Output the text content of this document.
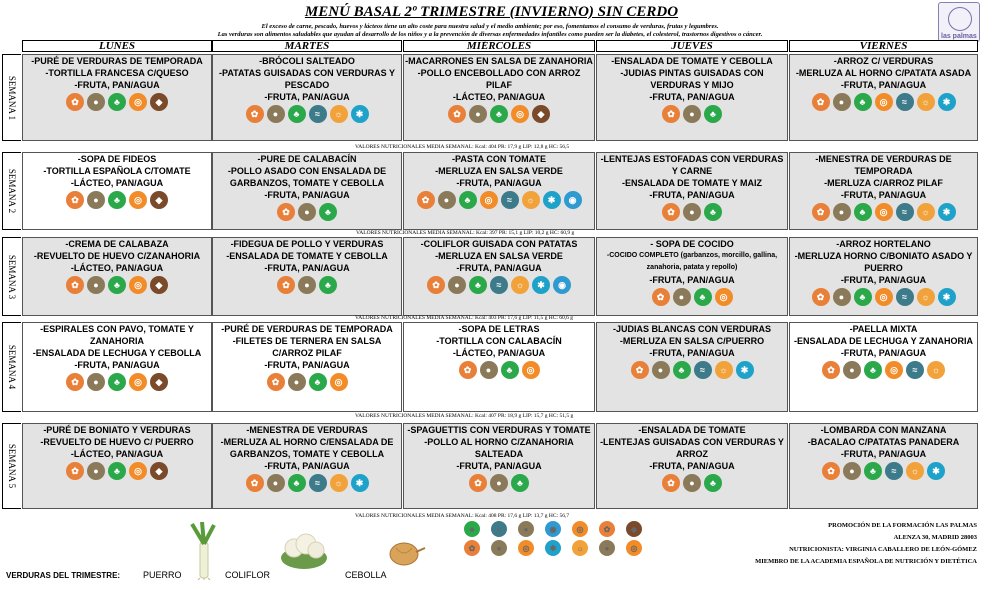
MENÚ BASAL 2º TRIMESTRE (INVIERNO) SIN CERDO
El exceso de carne, pescado, huevos y lácteos tiene un alto coste para nuestra salud y el medio ambiente; por eso, fomentamos el consumo de verduras, frutas y legumbres.
Las verduras son alimentos saludables que ayudan al desarrollo de los niños y a la prevención de diversas enfermedades infantiles como pueden ser la diabetes, el colesterol, trastornos digestivos o cáncer.	las palmas
LUNES	MARTES	MIÉRCOLES	JUEVES	VIERNES
SEMANA 1
-PURÉ DE VERDURAS DE TEMPORADA
-TORTILLA FRANCESA C/QUESO
-FRUTA, PAN/AGUA
✿	●	♣	◎	◆
-BRÓCOLI SALTEADO
-PATATAS GUISADAS CON VERDURAS Y PESCADO
-FRUTA, PAN/AGUA
✿	●	♣	≈	☼	✱
-MACARRONES EN SALSA DE ZANAHORIA
-POLLO ENCEBOLLADO CON ARROZ PILAF
-LÁCTEO, PAN/AGUA
✿	●	♣	◎	◆
-ENSALADA DE TOMATE Y CEBOLLA
-JUDIAS PINTAS GUISADAS CON VERDURAS Y MIJO
-FRUTA, PAN/AGUA
✿	●	♣
-ARROZ C/ VERDURAS
-MERLUZA AL HORNO C/PATATA ASADA
-FRUTA, PAN/AGUA
✿	●	♣	◎	≈	☼	✱
VALORES NUTRICIONALES MEDIA SEMANAL: Kcal: 404 PR: 17,9 g LIP: 12,8 g HC: 56,5
SEMANA 2
-SOPA DE FIDEOS
-TORTILLA ESPAÑOLA C/TOMATE
-LÁCTEO, PAN/AGUA
✿	●	♣	◎	◆
-PURE DE CALABACÍN
-POLLO ASADO CON ENSALADA DE GARBANZOS, TOMATE Y CEBOLLA
-FRUTA, PAN/AGUA
✿	●	♣
-PASTA CON TOMATE
-MERLUZA EN SALSA VERDE
-FRUTA, PAN/AGUA
✿	●	♣	◎	≈	☼	✱	◉
-LENTEJAS ESTOFADAS CON VERDURAS Y CARNE
-ENSALADA DE TOMATE Y MAIZ
-FRUTA, PAN/AGUA
✿	●	♣
-MENESTRA DE VERDURAS DE TEMPORADA
-MERLUZA C/ARROZ PILAF
-FRUTA, PAN/AGUA
✿	●	♣	◎	≈	☼	✱
VALORES NUTRICIONALES MEDIA SEMANAL: Kcal: 397 PR: 15,1 g LIP: 10,2 g HC: 60,9 g
SEMANA 3
-CREMA DE CALABAZA
-REVUELTO DE HUEVO C/ZANAHORIA
-LÁCTEO, PAN/AGUA
✿	●	♣	◎	◆
-FIDEGUA DE POLLO Y VERDURAS
-ENSALADA DE TOMATE Y CEBOLLA
-FRUTA, PAN/AGUA
✿	●	♣
-COLIFLOR GUISADA CON PATATAS
-MERLUZA EN SALSA VERDE
-FRUTA, PAN/AGUA
✿	●	♣	≈	☼	✱	◉
- SOPA DE COCIDO
-COCIDO COMPLETO (garbanzos, morcillo, gallina, zanahoria, patata y repollo)
-FRUTA, PAN/AGUA
✿	●	♣	◎
-ARROZ HORTELANO
-MERLUZA HORNO C/BONIATO ASADO Y PUERRO
-FRUTA, PAN/AGUA
✿	●	♣	◎	≈	☼	✱
VALORES NUTRICIONALES MEDIA SEMANAL: Kcal: 403 PR: 17,6 g LIP: 11,5 g HC: 60,6 g
SEMANA 4
-ESPIRALES CON PAVO, TOMATE Y ZANAHORIA
-ENSALADA DE LECHUGA Y CEBOLLA
-FRUTA, PAN/AGUA
✿	●	♣	◎	◆
-PURÉ DE VERDURAS DE TEMPORADA
-FILETES DE TERNERA EN SALSA C/ARROZ PILAF
-FRUTA, PAN/AGUA
✿	●	♣	◎
-SOPA DE LETRAS
-TORTILLA CON CALABACÍN
-LÁCTEO, PAN/AGUA
✿	●	♣	◎
-JUDIAS BLANCAS CON VERDURAS
-MERLUZA EN SALSA C/PUERRO
-FRUTA, PAN/AGUA
✿	●	♣	≈	☼	✱
-PAELLA MIXTA
-ENSALADA DE LECHUGA Y ZANAHORIA
-FRUTA, PAN/AGUA
✿	●	♣	◎	≈	☼
VALORES NUTRICIONALES MEDIA SEMANAL: Kcal: 407 PR: 18,9 g LIP: 15,7 g HC: 51,5 g
SEMANA 5
-PURÉ DE BONIATO Y VERDURAS
-REVUELTO DE HUEVO C/ PUERRO
-LÁCTEO, PAN/AGUA
✿	●	♣	◎	◆
-MENESTRA DE VERDURAS
-MERLUZA AL HORNO C/ENSALADA DE GARBANZOS, TOMATE Y CEBOLLA
-FRUTA, PAN/AGUA
✿	●	♣	≈	☼	✱
-SPAGUETTIS CON VERDURAS Y TOMATE
-POLLO AL HORNO C/ZANAHORIA SALTEADA
-FRUTA, PAN/AGUA
✿	●	♣
-ENSALADA DE TOMATE
-LENTEJAS GUISADAS CON VERDURAS Y ARROZ
-FRUTA, PAN/AGUA
✿	●	♣
-LOMBARDA CON MANZANA
-BACALAO C/PATATAS PANADERA
-FRUTA, PAN/AGUA
✿	●	♣	≈	☼	✱
VALORES NUTRICIONALES MEDIA SEMANAL: Kcal: 408 PR: 17,6 g LIP: 13,7 g HC: 56,7
VERDURAS DEL TRIMESTRE:	PUERRO	COLIFLOR	CEBOLLA
♣	≈	●	◉	◎	✿	◆
✿	●	◎	✱	☼	●	◎
PROMOCIÓN DE LA FORMACIÓN LAS PALMAS
ALENZA 30, MADRID 28003
NUTRICIONISTA: VIRGINIA CABALLERO DE LEÓN-GÓMEZ
MIEMBRO DE LA ACADEMIA ESPAÑOLA DE NUTRICIÓN Y DIETÉTICA
